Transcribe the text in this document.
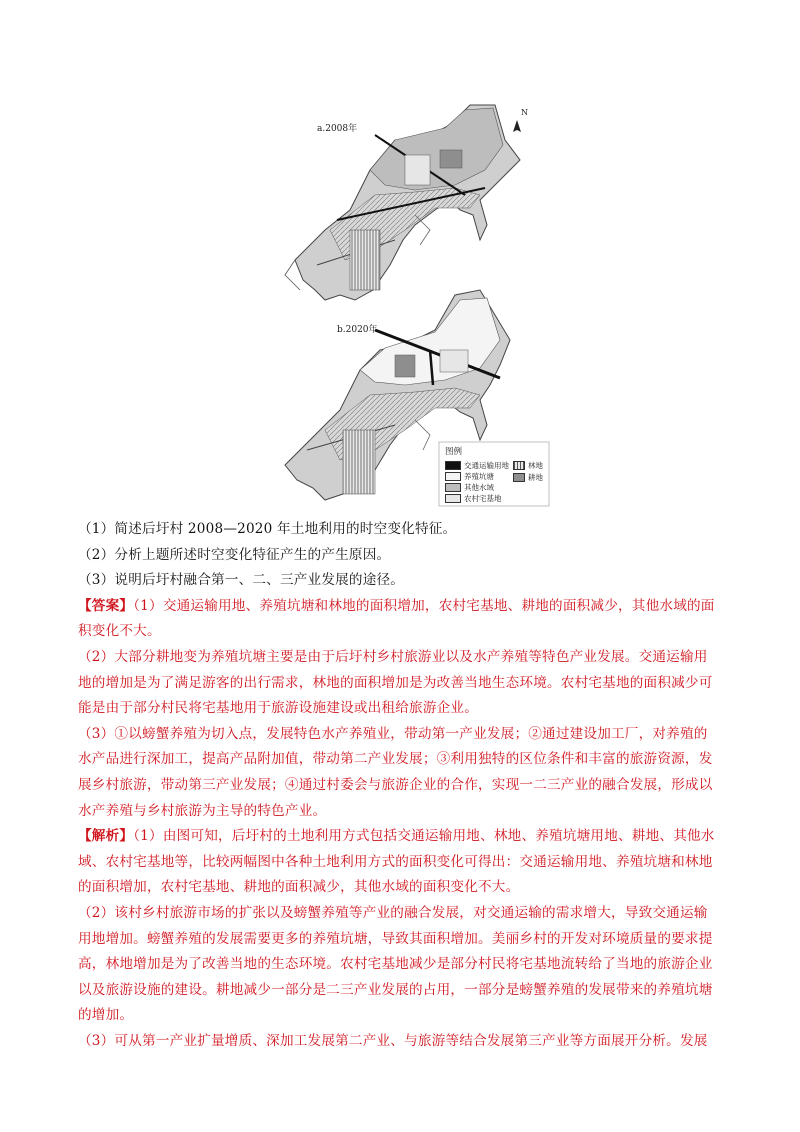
a.2008年
N
b.2020年
图例
交通运输用地	林地
养殖坑塘	耕地
其他水域
农村宅基地

（1）简述后圩村 2008—2020 年土地利用的时空变化特征。

（2）分析上题所述时空变化特征产生的产生原因。

（3）说明后圩村融合第一、二、三产业发展的途径。

【答案】（1）交通运输用地、养殖坑塘和林地的面积增加，农村宅基地、耕地的面积减少，其他水域的面积变化不大。

（2）大部分耕地变为养殖坑塘主要是由于后圩村乡村旅游业以及水产养殖等特色产业发展。交通运输用地的增加是为了满足游客的出行需求，林地的面积增加是为改善当地生态环境。农村宅基地的面积减少可能是由于部分村民将宅基地用于旅游设施建设或出租给旅游企业。

（3）①以螃蟹养殖为切入点，发展特色水产养殖业，带动第一产业发展；②通过建设加工厂，对养殖的水产品进行深加工，提高产品附加值，带动第二产业发展；③利用独特的区位条件和丰富的旅游资源，发展乡村旅游，带动第三产业发展；④通过村委会与旅游企业的合作，实现一二三产业的融合发展，形成以水产养殖与乡村旅游为主导的特色产业。

【解析】（1）由图可知，后圩村的土地利用方式包括交通运输用地、林地、养殖坑塘用地、耕地、其他水域、农村宅基地等，比较两幅图中各种土地利用方式的面积变化可得出：交通运输用地、养殖坑塘和林地的面积增加，农村宅基地、耕地的面积减少，其他水域的面积变化不大。

（2）该村乡村旅游市场的扩张以及螃蟹养殖等产业的融合发展，对交通运输的需求增大，导致交通运输用地增加。螃蟹养殖的发展需要更多的养殖坑塘，导致其面积增加。美丽乡村的开发对环境质量的要求提高，林地增加是为了改善当地的生态环境。农村宅基地减少是部分村民将宅基地流转给了当地的旅游企业以及旅游设施的建设。耕地减少一部分是二三产业发展的占用，一部分是螃蟹养殖的发展带来的养殖坑塘的增加。

（3）可从第一产业扩量增质、深加工发展第二产业、与旅游等结合发展第三产业等方面展开分析。发展
